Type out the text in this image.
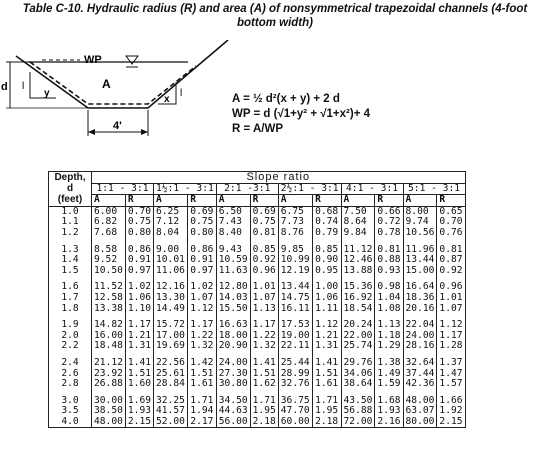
Table C-10. Hydraulic radius (R) and area (A) of nonsymmetrical trapezoidal channels (4-foot
bottom width)
WP
A
d l
y	l
x
4'
A = ½ d²(x + y) + 2 d
WP = d (√1+y² + √1+x²)+ 4
R = A/WP
Depth,
d
(feet)	Slope ratio											
	1:1 - 3:1		1½:1 - 3:1		2:1 -3:1		2½:1 - 3:1		4:1 - 3:1		5:1 - 3:1	
	A	R	A	R	A	R	A	R	A	R	A	R
1.0	6.00	0.70	6.25	0.69	6.50	0.69	6.75	0.68	7.50	0.66	8.00	0.65
1.1	6.82	0.75	7.12	0.75	7.43	0.75	7.73	0.74	8.64	0.72	9.74	0.70
1.2	7.68	0.80	8.04	0.80	8.40	0.81	8.76	0.79	9.84	0.78	10.56	0.76

1.3	8.58	0.86	9.00	0.86	9.43	0.85	9.85	0.85	11.12	0.81	11.96	0.81
1.4	9.52	0.91	10.01	0.91	10.59	0.92	10.99	0.90	12.46	0.88	13.44	0.87
1.5	10.50	0.97	11.06	0.97	11.63	0.96	12.19	0.95	13.88	0.93	15.00	0.92

1.6	11.52	1.02	12.16	1.02	12.80	1.01	13.44	1.00	15.36	0.98	16.64	0.96
1.7	12.58	1.06	13.30	1.07	14.03	1.07	14.75	1.06	16.92	1.04	18.36	1.01
1.8	13.38	1.10	14.49	1.12	15.50	1.13	16.11	1.11	18.54	1.08	20.16	1.07

1.9	14.82	1.17	15.72	1.17	16.63	1.17	17.53	1.12	20.24	1.13	22.04	1.12
2.0	16.00	1.21	17.00	1.22	18.00	1.22	19.00	1.21	22.00	1.18	24.00	1.17
2.2	18.48	1.31	19.69	1.32	20.90	1.32	22.11	1.31	25.74	1.29	28.16	1.28

2.4	21.12	1.41	22.56	1.42	24.00	1.41	25.44	1.41	29.76	1.38	32.64	1.37
2.6	23.92	1.51	25.61	1.51	27.30	1.51	28.99	1.51	34.06	1.49	37.44	1.47
2.8	26.88	1.60	28.84	1.61	30.80	1.62	32.76	1.61	38.64	1.59	42.36	1.57

3.0	30.00	1.69	32.25	1.71	34.50	1.71	36.75	1.71	43.50	1.68	48.00	1.66
3.5	38.50	1.93	41.57	1.94	44.63	1.95	47.70	1.95	56.88	1.93	63.07	1.92
4.0	48.00	2.15	52.00	2.17	56.00	2.18	60.00	2.18	72.00	2.16	80.00	2.15
